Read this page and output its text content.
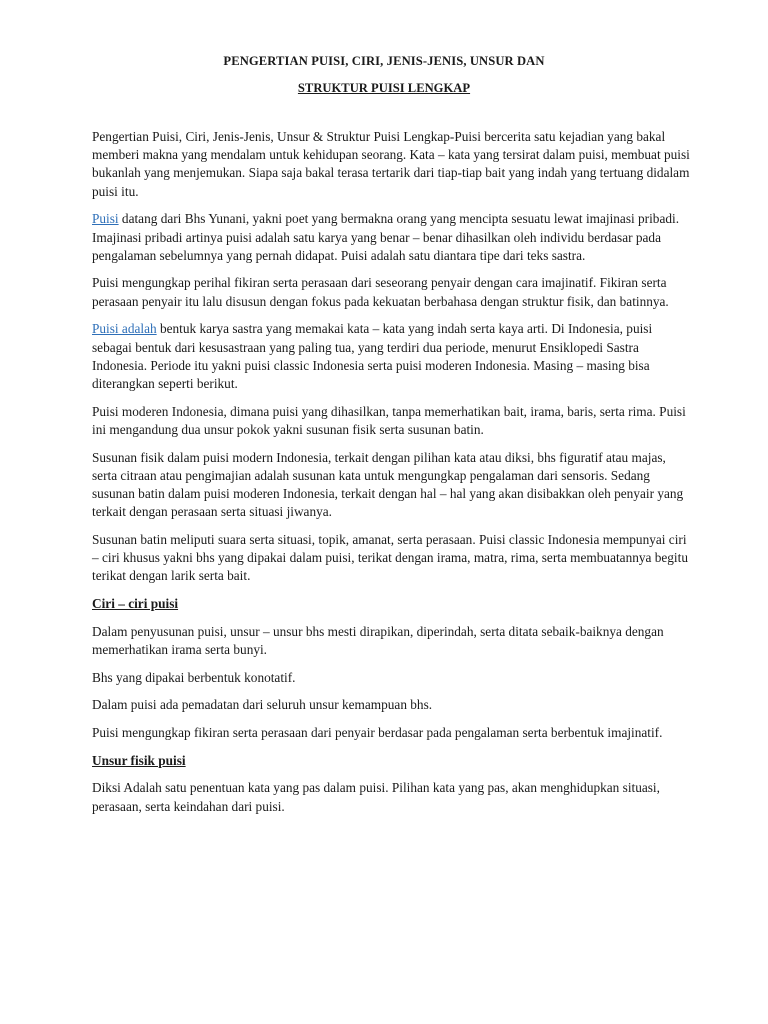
PENGERTIAN PUISI, CIRI, JENIS-JENIS, UNSUR DAN
STRUKTUR PUISI LENGKAP

Pengertian Puisi, Ciri, Jenis-Jenis, Unsur & Struktur Puisi Lengkap-Puisi bercerita satu kejadian yang bakal memberi makna yang mendalam untuk kehidupan seorang. Kata – kata yang tersirat dalam puisi, membuat puisi bukanlah yang menjemukan. Siapa saja bakal terasa tertarik dari tiap-tiap bait yang indah yang tertuang didalam puisi itu.

Puisi datang dari Bhs Yunani, yakni poet yang bermakna orang yang mencipta sesuatu lewat imajinasi pribadi. Imajinasi pribadi artinya puisi adalah satu karya yang benar – benar dihasilkan oleh individu berdasar pada pengalaman sebelumnya yang pernah didapat. Puisi adalah satu diantara tipe dari teks sastra.

Puisi mengungkap perihal fikiran serta perasaan dari seseorang penyair dengan cara imajinatif. Fikiran serta perasaan penyair itu lalu disusun dengan fokus pada kekuatan berbahasa dengan struktur fisik, dan batinnya.

Puisi adalah bentuk karya sastra yang memakai kata – kata yang indah serta kaya arti. Di Indonesia, puisi sebagai bentuk dari kesusastraan yang paling tua, yang terdiri dua periode, menurut Ensiklopedi Sastra Indonesia. Periode itu yakni puisi classic Indonesia serta puisi moderen Indonesia. Masing – masing bisa diterangkan seperti berikut.

Puisi moderen Indonesia, dimana puisi yang dihasilkan, tanpa memerhatikan bait, irama, baris, serta rima. Puisi ini mengandung dua unsur pokok yakni susunan fisik serta susunan batin.

Susunan fisik dalam puisi modern Indonesia, terkait dengan pilihan kata atau diksi, bhs figuratif atau majas, serta citraan atau pengimajian adalah susunan kata untuk mengungkap pengalaman dari sensoris. Sedang susunan batin dalam puisi moderen Indonesia, terkait dengan hal – hal yang akan disibakkan oleh penyair yang terkait dengan perasaan serta situasi jiwanya.

Susunan batin meliputi suara serta situasi, topik, amanat, serta perasaan. Puisi classic Indonesia mempunyai ciri – ciri khusus yakni bhs yang dipakai dalam puisi, terikat dengan irama, matra, rima, serta membuatannya begitu terikat dengan larik serta bait.

Ciri – ciri puisi

Dalam penyusunan puisi, unsur – unsur bhs mesti dirapikan, diperindah, serta ditata sebaik-baiknya dengan memerhatikan irama serta bunyi.

Bhs yang dipakai berbentuk konotatif.

Dalam puisi ada pemadatan dari seluruh unsur kemampuan bhs.

Puisi mengungkap fikiran serta perasaan dari penyair berdasar pada pengalaman serta berbentuk imajinatif.

Unsur fisik puisi

Diksi Adalah satu penentuan kata yang pas dalam puisi. Pilihan kata yang pas, akan menghidupkan situasi, perasaan, serta keindahan dari puisi.
